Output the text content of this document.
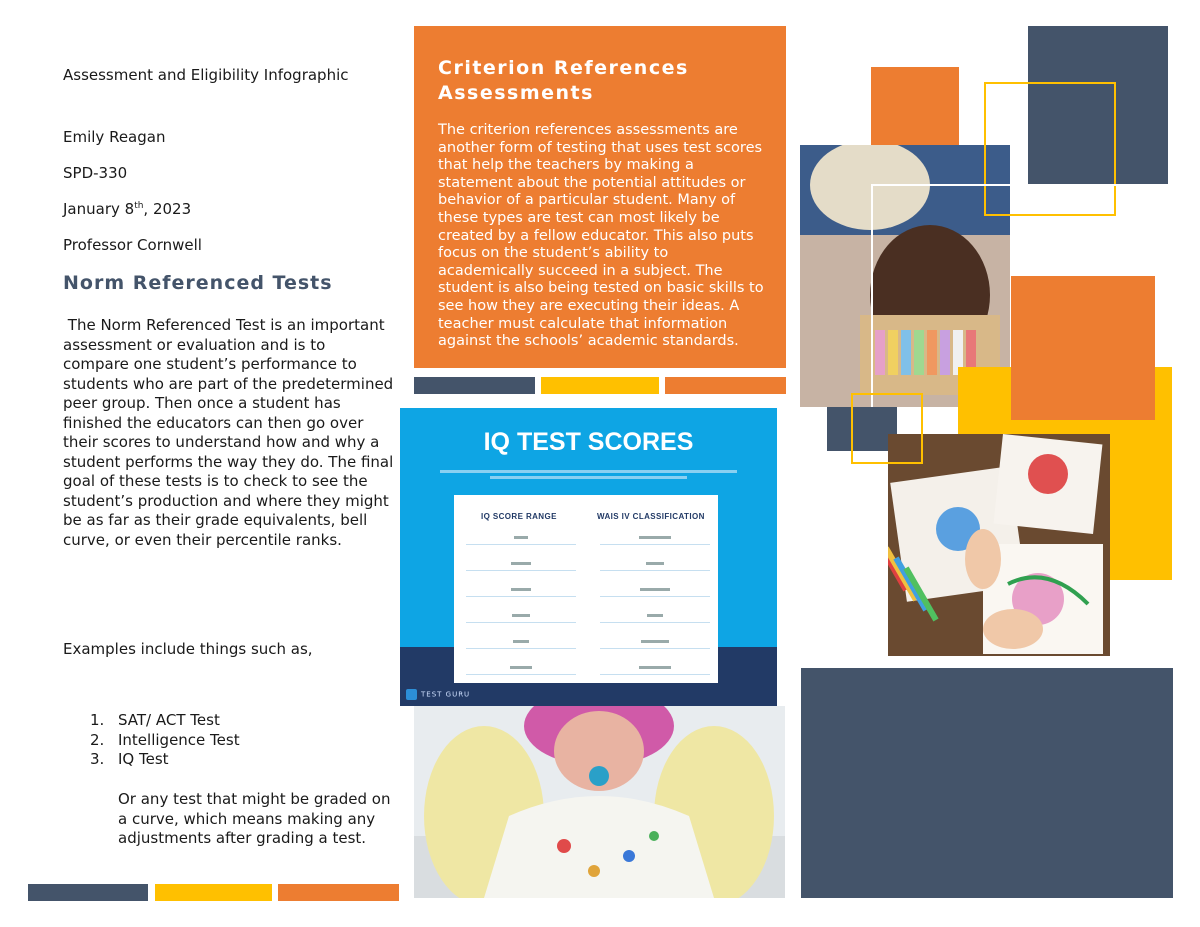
Assessment and Eligibility Infographic

Emily Reagan

SPD-330

January 8th, 2023

Professor Cornwell

Norm Referenced Tests
The Norm Referenced Test is an important assessment or evaluation and is to compare one student’s performance to students who are part of the predetermined peer group. Then once a student has finished the educators can then go over their scores to understand how and why a student performs the way they do. The final goal of these tests is to check to see the student’s production and where they might be as far as their grade equivalents, bell curve, or even their percentile ranks.
Examples include things such as,
1. SAT/ ACT Test
2. Intelligence Test
3. IQ Test
Or any test that might be graded on a curve, which means making any adjustments after grading a test.
Criterion References Assessments
The criterion references assessments are another form of testing that uses test scores that help the teachers by making a statement about the potential attitudes or behavior of a particular student. Many of these types are test can most likely be created by a fellow educator. This also puts focus on the student’s ability to academically succeed in a subject. The student is also being tested on basic skills to see how they are executing their ideas. A teacher must calculate that information against the schools’ academic standards.
IQ TEST SCORES
IQ SCORE RANGE	WAIS IV CLASSIFICATION
TEST GURU
